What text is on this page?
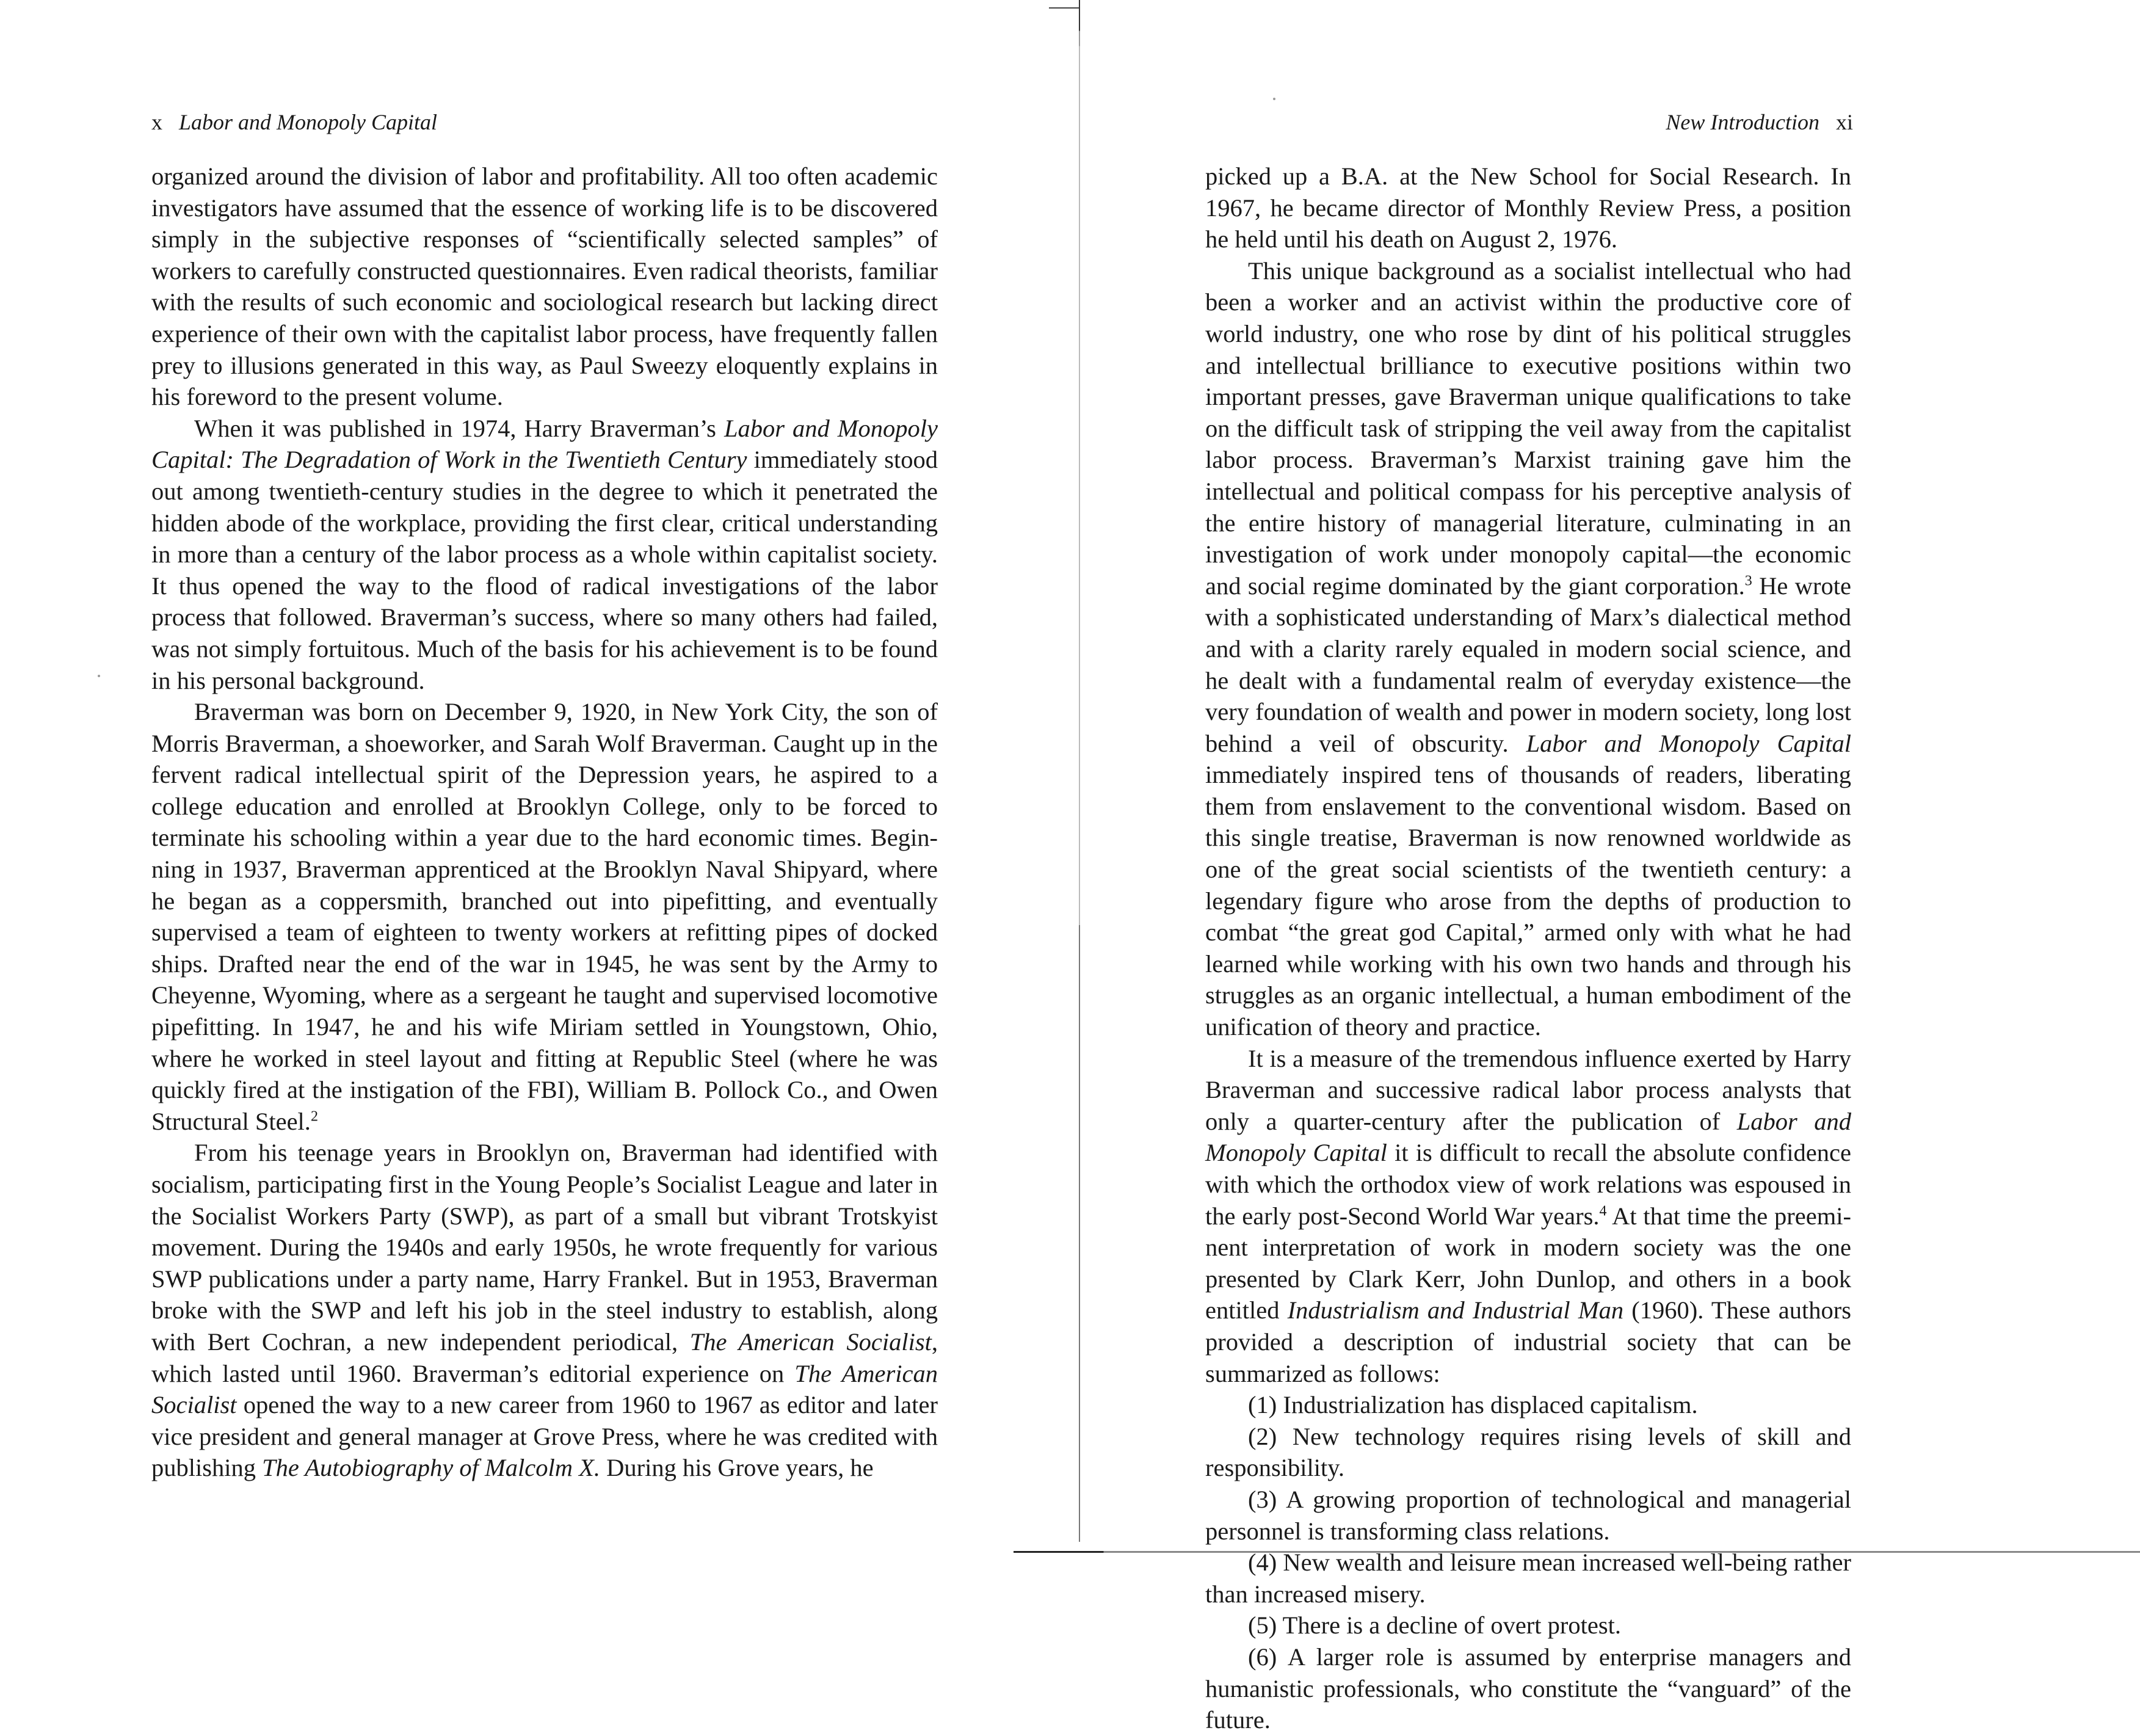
x Labor and Monopoly Capital

organized around the division of labor and profitability. All too often academic investigators have assumed that the essence of working life is to be discovered simply in the subjective responses of “scientifically selected samples” of workers to carefully constructed questionnaires. Even radical theorists, familiar with the results of such economic and sociological research but lacking direct experience of their own with the capitalist labor process, have frequently fallen prey to illusions generated in this way, as Paul Sweezy eloquently explains in his foreword to the present volume.

When it was published in 1974, Harry Braverman’s Labor and Monopoly Capital: The Degradation of Work in the Twentieth Century immediately stood out among twentieth-century studies in the degree to which it penetrated the hidden abode of the workplace, providing the first clear, critical understanding in more than a century of the labor process as a whole within capitalist society. It thus opened the way to the flood of radical investigations of the labor process that followed. Braverman’s success, where so many others had failed, was not simply fortuitous. Much of the basis for his achievement is to be found in his personal background.

Braverman was born on December 9, 1920, in New York City, the son of Morris Braverman, a shoeworker, and Sarah Wolf Braverman. Caught up in the fervent radical intellectual spirit of the Depression years, he aspired to a college education and enrolled at Brooklyn College, only to be forced to terminate his schooling within a year due to the hard economic times. Beginning in 1937, Braverman apprenticed at the Brooklyn Naval Shipyard, where he began as a coppersmith, branched out into pipefitting, and eventually supervised a team of eighteen to twenty workers at refitting pipes of docked ships. Drafted near the end of the war in 1945, he was sent by the Army to Cheyenne, Wyoming, where as a sergeant he taught and supervised locomotive pipefitting. In 1947, he and his wife Miriam settled in Youngstown, Ohio, where he worked in steel layout and fitting at Republic Steel (where he was quickly fired at the instigation of the FBI), William B. Pollock Co., and Owen Structural Steel.$^2$

From his teenage years in Brooklyn on, Braverman had identified with socialism, participating first in the Young People’s Socialist League and later in the Socialist Workers Party (SWP), as part of a small but vibrant Trotskyist movement. During the 1940s and early 1950s, he wrote frequently for various SWP publications under a party name, Harry Frankel. But in 1953, Braverman broke with the SWP and left his job in the steel industry to establish, along with Bert Cochran, a new independent periodical, The American Socialist, which lasted until 1960. Braverman’s editorial experience on The American Socialist opened the way to a new career from 1960 to 1967 as editor and later vice president and general manager at Grove Press, where he was credited with publishing The Autobiography of Malcolm X. During his Grove years, he

New Introduction xi

picked up a B.A. at the New School for Social Research. In 1967, he became director of Monthly Review Press, a position he held until his death on August 2, 1976.

This unique background as a socialist intellectual who had been a worker and an activist within the productive core of world industry, one who rose by dint of his political struggles and intellectual brilliance to executive positions within two important presses, gave Braverman unique qualifications to take on the difficult task of stripping the veil away from the capitalist labor process. Braverman’s Marxist training gave him the intellectual and political compass for his perceptive analysis of the entire history of managerial literature, culminating in an investigation of work under monopoly capital—the economic and social regime dominated by the giant corporation.$^3$ He wrote with a sophisticated understanding of Marx’s dialectical method and with a clarity rarely equaled in modern social science, and he dealt with a fundamental realm of everyday existence—the very foundation of wealth and power in modern society, long lost behind a veil of obscurity. Labor and Monopoly Capital immediately inspired tens of thousands of readers, liberating them from enslavement to the conventional wisdom. Based on this single treatise, Braverman is now renowned worldwide as one of the great social scientists of the twentieth century: a legendary figure who arose from the depths of production to combat “the great god Capital,” armed only with what he had learned while working with his own two hands and through his struggles as an organic intellectual, a human embodiment of the unification of theory and practice.

It is a measure of the tremendous influence exerted by Harry Braverman and successive radical labor process analysts that only a quarter-century after the publication of Labor and Monopoly Capital it is difficult to recall the absolute confidence with which the orthodox view of work relations was espoused in the early post-Second World War years.$^4$ At that time the preeminent interpretation of work in modern society was the one presented by Clark Kerr, John Dunlop, and others in a book entitled Industrialism and Industrial Man (1960). These authors provided a description of industrial society that can be summarized as follows:

(1) Industrialization has displaced capitalism.

(2) New technology requires rising levels of skill and responsibility.

(3) A growing proportion of technological and managerial personnel is transforming class relations.

(4) New wealth and leisure mean increased well-being rather than increased misery.

(5) There is a decline of overt protest.

(6) A larger role is assumed by enterprise managers and humanistic professionals, who constitute the “vanguard” of the future.
